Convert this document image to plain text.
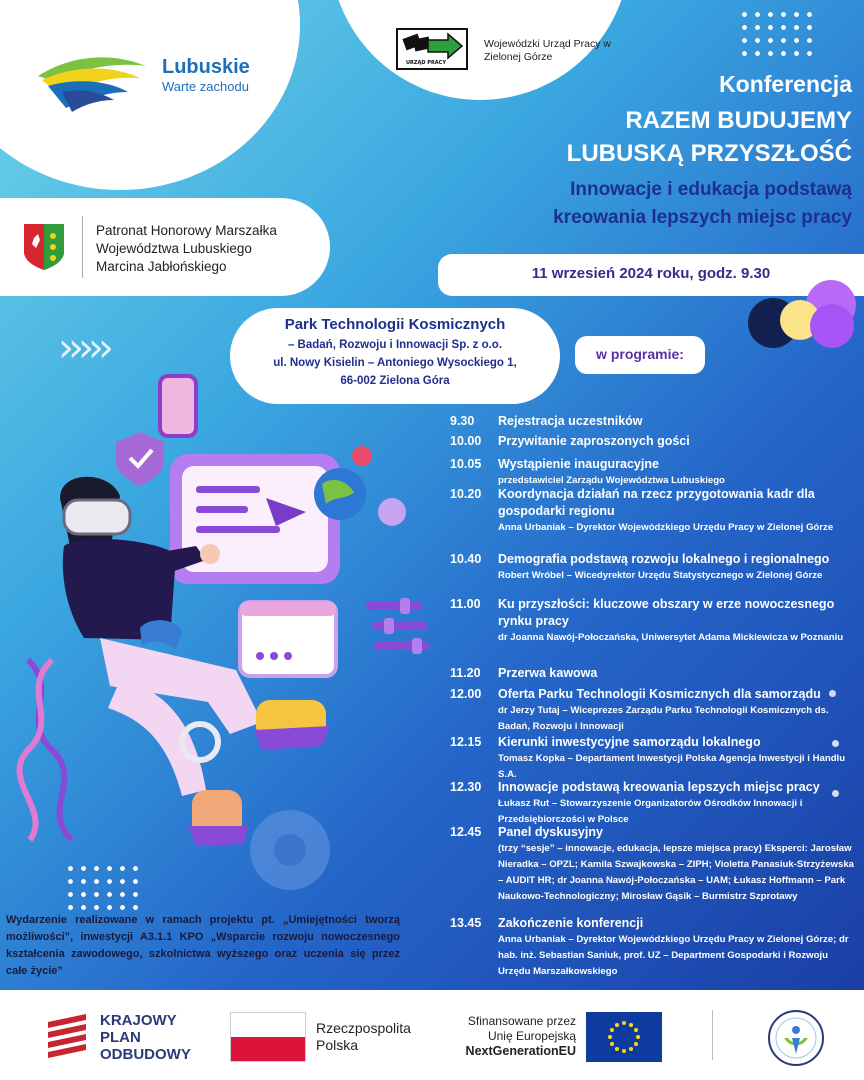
Lubuskie
Warte zachodu
URZĄD PRACY
Wojewódzki Urząd Pracy w Zielonej Górze
Konferencja
RAZEM BUDUJEMY
LUBUSKĄ PRZYSZŁOŚĆ
Innowacje i edukacja podstawą
kreowania lepszych miejsc pracy
Patronat Honorowy Marszałka
Województwa Lubuskiego
Marcina Jabłońskiego	11 wrzesień 2024 roku, godz. 9.30
›››››
Park Technologii Kosmicznych
– Badań, Rozwoju i Innowacji Sp. z o.o.
ul. Nowy Kisielin – Antoniego Wysockiego 1,
66-002 Zielona Góra
w programie:
9.30	Rejestracja uczestników
10.00	Przywitanie zaproszonych gości
10.05	Wystąpienie inauguracyjne
przedstawiciel Zarządu Województwa Lubuskiego
10.20	Koordynacja działań na rzecz przygotowania kadr dla gospodarki regionu
Anna Urbaniak – Dyrektor Wojewódzkiego Urzędu Pracy w Zielonej Górze
10.40	Demografia podstawą rozwoju lokalnego i regionalnego
Robert Wróbel – Wicedyrektor Urzędu Statystycznego w Zielonej Górze
11.00	Ku przyszłości: kluczowe obszary w erze nowoczesnego rynku pracy
dr Joanna Nawój-Połoczańska, Uniwersytet Adama Mickiewicza w Poznaniu
11.20	Przerwa kawowa
12.00	Oferta Parku Technologii Kosmicznych dla samorządu
dr Jerzy Tutaj – Wiceprezes Zarządu Parku Technologii Kosmicznych ds. Badań, Rozwoju i Innowacji
12.15	Kierunki inwestycyjne samorządu lokalnego
Tomasz Kopka – Departament Inwestycji Polska Agencja Inwestycji i Handlu S.A.
12.30	Innowacje podstawą kreowania lepszych miejsc pracy
Łukasz Rut – Stowarzyszenie Organizatorów Ośrodków Innowacji i Przedsiębiorczości w Polsce
12.45	Panel dyskusyjny
(trzy “sesje” – innowacje, edukacja, lepsze miejsca pracy) Eksperci: Jarosław Nieradka – OPZL; Kamila Szwajkowska – ZIPH; Violetta Panasiuk-Strzyżewska – AUDIT HR; dr Joanna Nawój-Połoczańska – UAM; Łukasz Hoffmann – Park Naukowo-Technologiczny; Mirosław Gąsik – Burmistrz Szprotawy
13.45	Zakończenie konferencji
Anna Urbaniak – Dyrektor Wojewódzkiego Urzędu Pracy w Zielonej Górze; dr hab. inż. Sebastian Saniuk, prof. UZ – Department Gospodarki i Rozwoju Urzędu Marszałkowskiego
Wydarzenie realizowane w ramach projektu pt. „Umiejętności tworzą możliwości”, inwestycji A3.1.1 KPO „Wsparcie rozwoju nowoczesnego kształcenia zawodowego, szkolnictwa wyższego oraz uczenia się przez całe życie”
KRAJOWY
PLAN
ODBUDOWY
Rzeczpospolita
Polska
Sfinansowane przez
Unię Europejską
NextGenerationEU
